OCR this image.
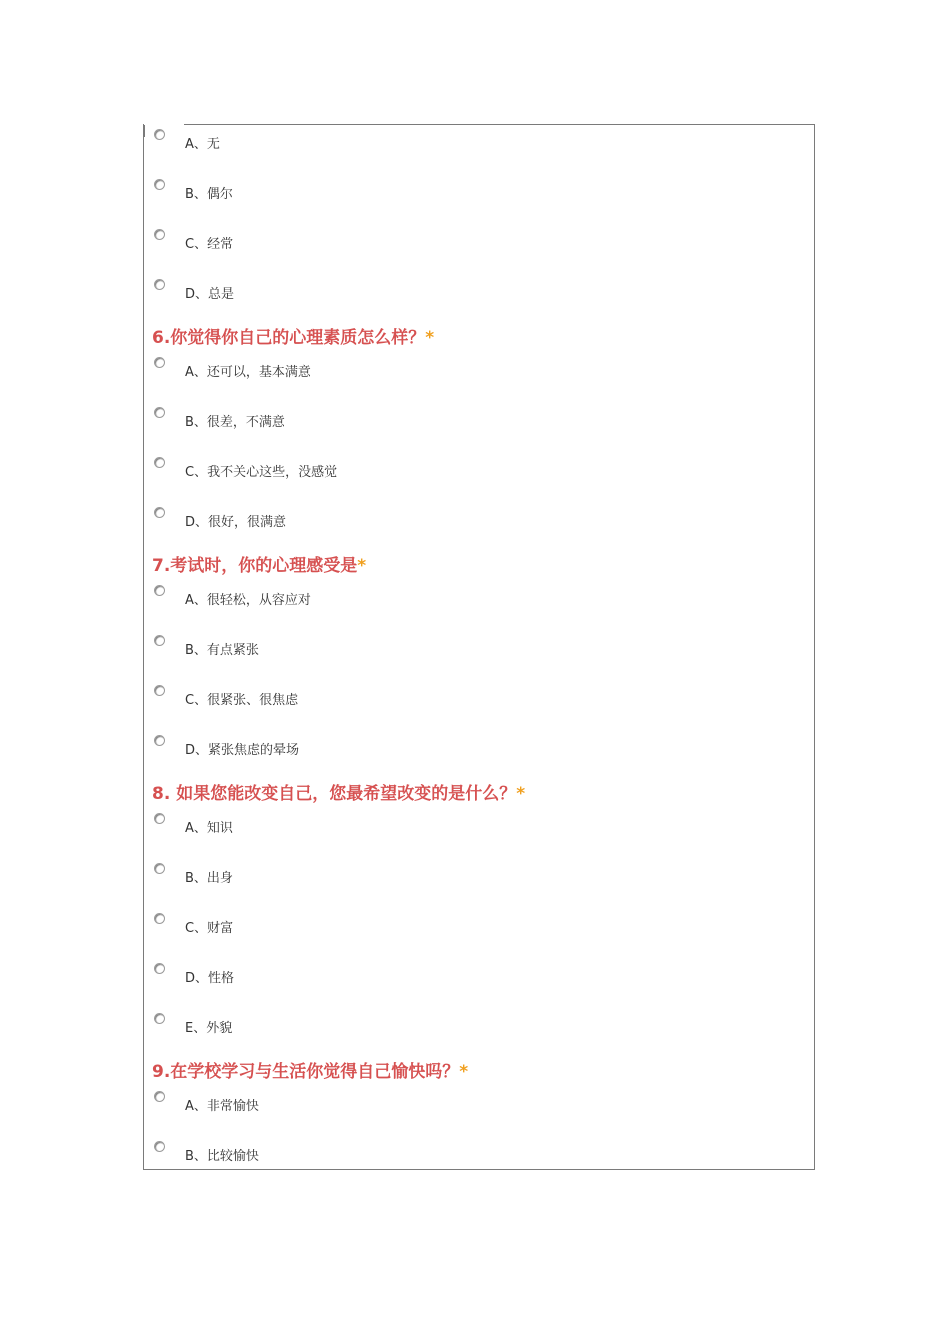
A、无
B、偶尔
C、经常
D、总是
6.你觉得你自己的心理素质怎么样？*
A、还可以，基本满意
B、很差，不满意
C、我不关心这些，没感觉
D、很好，很满意
7.考试时，你的心理感受是*
A、很轻松，从容应对
B、有点紧张
C、很紧张、很焦虑
D、紧张焦虑的晕场
8. 如果您能改变自己，您最希望改变的是什么？*
A、知识
B、出身
C、财富
D、性格
E、外貌
9.在学校学习与生活你觉得自己愉快吗？*
A、非常愉快
B、比较愉快
